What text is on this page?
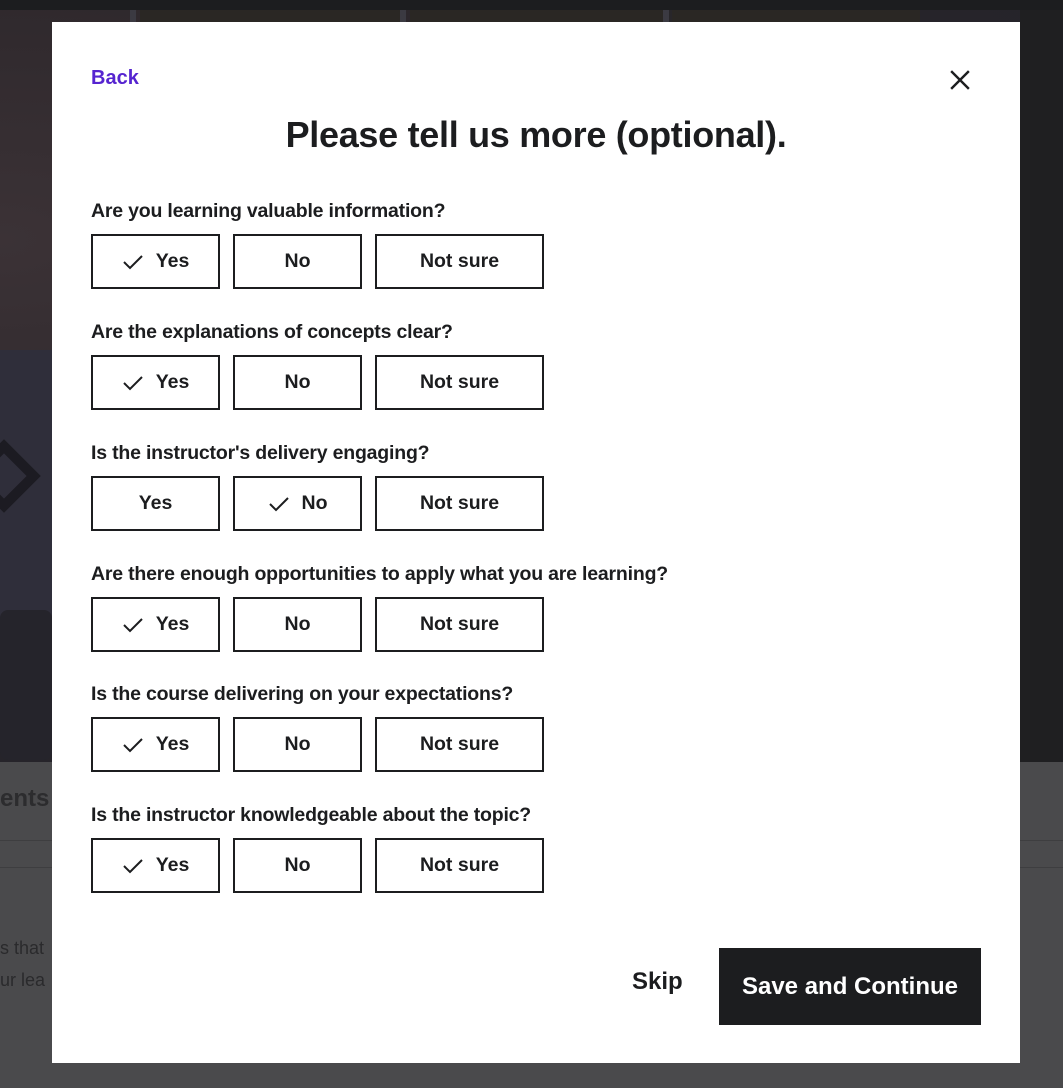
ents
s that
ur lea
Back
Please tell us more (optional).
Are you learning valuable information?
Yes	No	Not sure
Are the explanations of concepts clear?
Yes	No	Not sure
Is the instructor's delivery engaging?
Yes	No	Not sure
Are there enough opportunities to apply what you are learning?
Yes	No	Not sure
Is the course delivering on your expectations?
Yes	No	Not sure
Is the instructor knowledgeable about the topic?
Yes	No	Not sure
Skip	Save and Continue
